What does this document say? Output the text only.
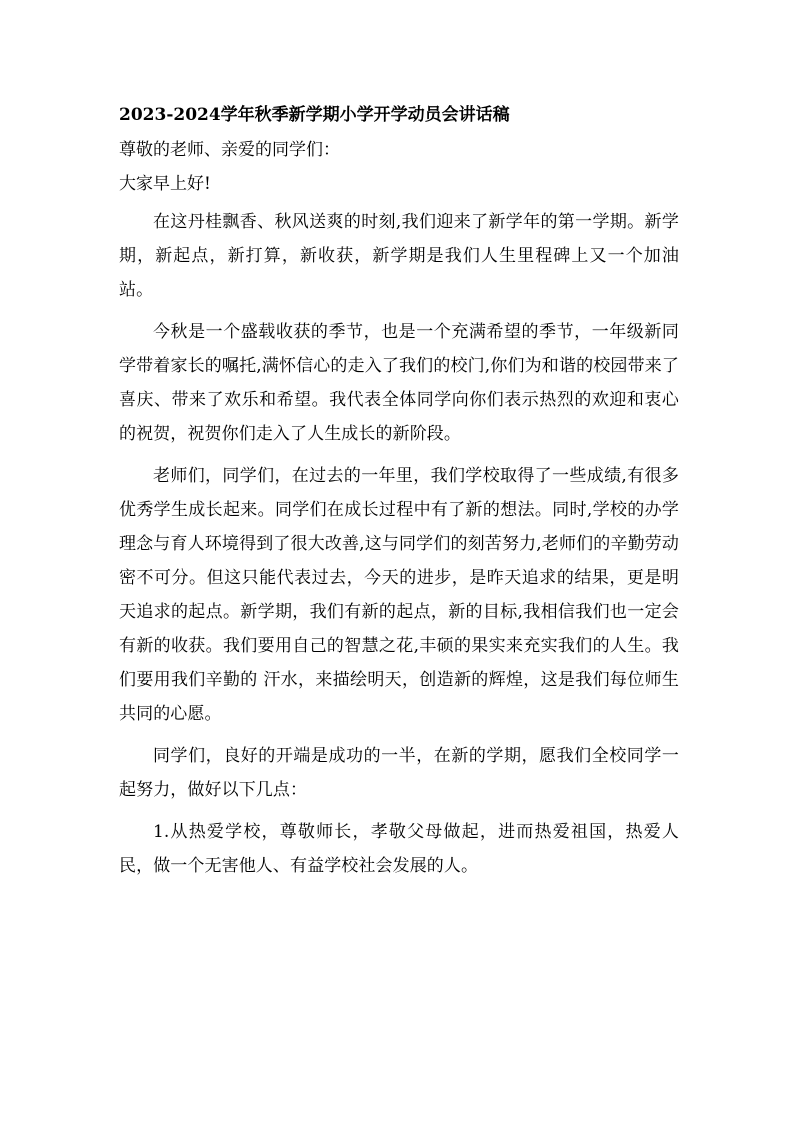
2023-2024学年秋季新学期小学开学动员会讲话稿
尊敬的老师、亲爱的同学们：
大家早上好!

在这丹桂飘香、秋风送爽的时刻,我们迎来了新学年的第一学期。新学期，新起点，新打算，新收获，新学期是我们人生里程碑上又一个加油站。

今秋是一个盛载收获的季节，也是一个充满希望的季节，一年级新同学带着家长的嘱托,满怀信心的走入了我们的校门,你们为和谐的校园带来了喜庆、带来了欢乐和希望。我代表全体同学向你们表示热烈的欢迎和衷心的祝贺，祝贺你们走入了人生成长的新阶段。

老师们，同学们，在过去的一年里，我们学校取得了一些成绩,有很多优秀学生成长起来。同学们在成长过程中有了新的想法。同时,学校的办学理念与育人环境得到了很大改善,这与同学们的刻苦努力,老师们的辛勤劳动密不可分。但这只能代表过去，今天的进步，是昨天追求的结果，更是明天追求的起点。新学期，我们有新的起点，新的目标,我相信我们也一定会有新的收获。我们要用自己的智慧之花,丰硕的果实来充实我们的人生。我们要用我们辛勤的 汗水，来描绘明天，创造新的辉煌，这是我们每位师生共同的心愿。

同学们，良好的开端是成功的一半，在新的学期，愿我们全校同学一起努力，做好以下几点：

1.从热爱学校，尊敬师长，孝敬父母做起，进而热爱祖国，热爱人民，做一个无害他人、有益学校社会发展的人。
